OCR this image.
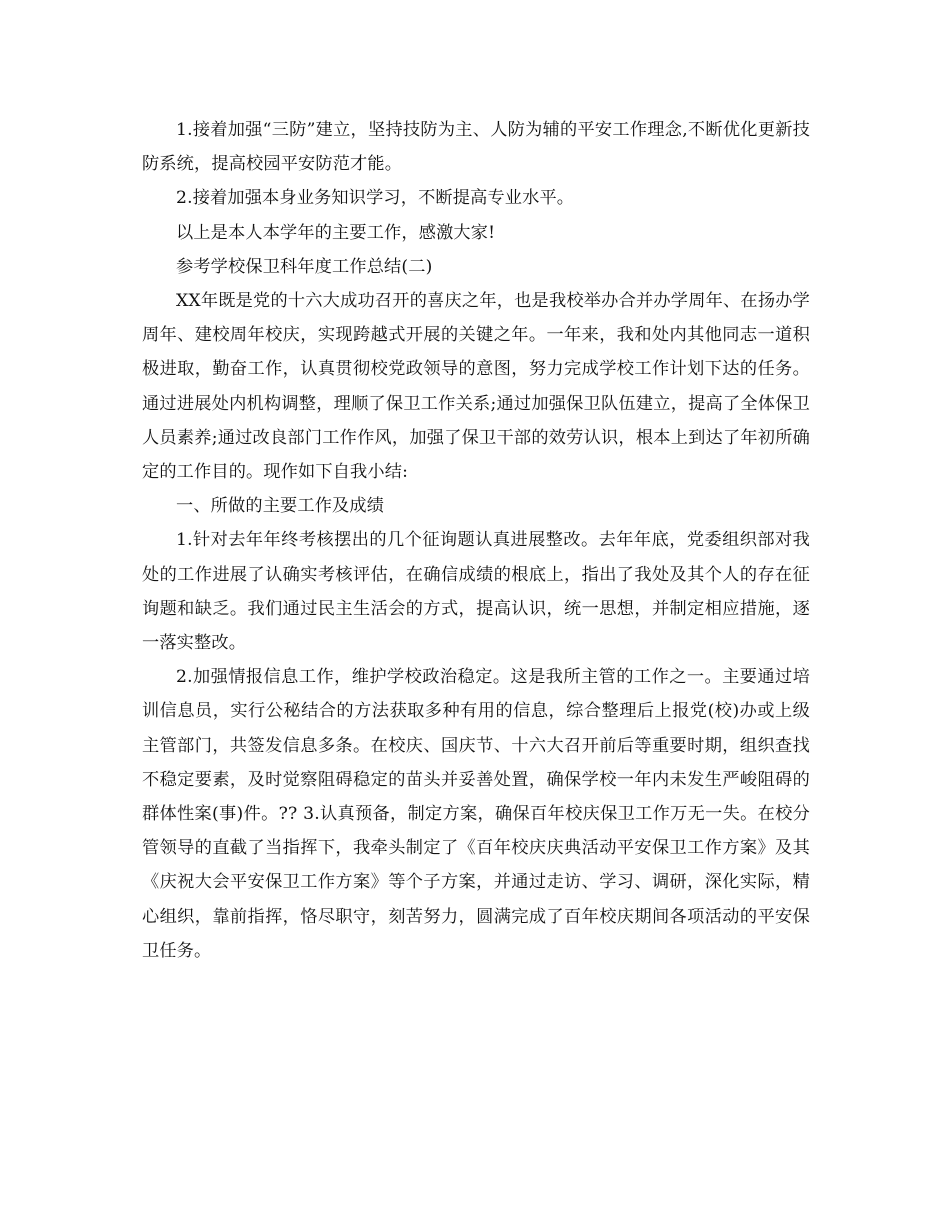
1.接着加强“三防”建立，坚持技防为主、人防为辅的平安工作理念,不断优化更新技防系统，提高校园平安防范才能。

2.接着加强本身业务知识学习，不断提高专业水平。

以上是本人本学年的主要工作，感激大家!

参考学校保卫科年度工作总结(二)

XX年既是党的十六大成功召开的喜庆之年，也是我校举办合并办学周年、在扬办学周年、建校周年校庆，实现跨越式开展的关键之年。一年来，我和处内其他同志一道积极进取，勤奋工作，认真贯彻校党政领导的意图，努力完成学校工作计划下达的任务。通过进展处内机构调整，理顺了保卫工作关系;通过加强保卫队伍建立，提高了全体保卫人员素养;通过改良部门工作作风，加强了保卫干部的效劳认识，根本上到达了年初所确定的工作目的。现作如下自我小结:

一、所做的主要工作及成绩

1.针对去年年终考核摆出的几个征询题认真进展整改。去年年底，党委组织部对我处的工作进展了认确实考核评估，在确信成绩的根底上，指出了我处及其个人的存在征询题和缺乏。我们通过民主生活会的方式，提高认识，统一思想，并制定相应措施，逐一落实整改。

2.加强情报信息工作，维护学校政治稳定。这是我所主管的工作之一。主要通过培训信息员，实行公秘结合的方法获取多种有用的信息，综合整理后上报党(校)办或上级主管部门，共签发信息多条。在校庆、国庆节、十六大召开前后等重要时期，组织查找不稳定要素，及时觉察阻碍稳定的苗头并妥善处置，确保学校一年内未发生严峻阻碍的群体性案(事)件。?? 3.认真预备，制定方案，确保百年校庆保卫工作万无一失。在校分管领导的直截了当指挥下，我牵头制定了《百年校庆庆典活动平安保卫工作方案》及其《庆祝大会平安保卫工作方案》等个子方案，并通过走访、学习、调研，深化实际，精心组织，靠前指挥，恪尽职守，刻苦努力，圆满完成了百年校庆期间各项活动的平安保卫任务。
